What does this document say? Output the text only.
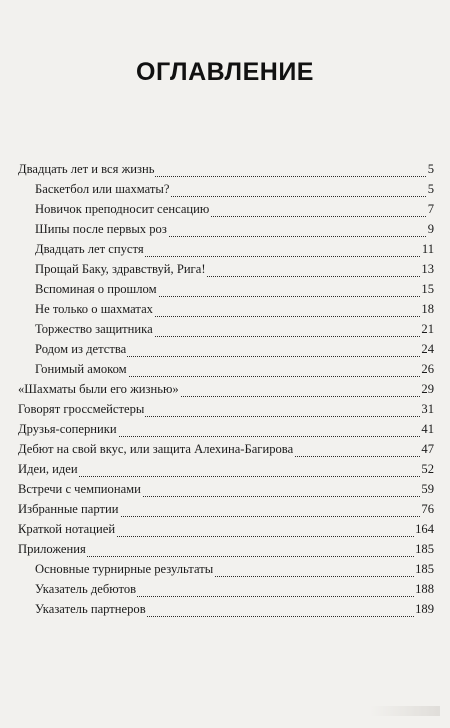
ОГЛАВЛЕНИЕ

Двадцать лет и вся жизнь	5
Баскетбол или шахматы?	5
Новичок преподносит сенсацию	7
Шипы после первых роз	9
Двадцать лет спустя	11
Прощай Баку, здравствуй, Рига!	13
Вспоминая о прошлом	15
Не только о шахматах	18
Торжество защитника	21
Родом из детства	24
Гонимый амоком	26
«Шахматы были его жизнью»	29
Говорят гроссмейстеры	31
Друзья-соперники	41
Дебют на свой вкус, или защита Алехина-Багирова	47
Идеи, идеи	52
Встречи с чемпионами	59
Избранные партии	76
Краткой нотацией	164
Приложения	185
Основные турнирные результаты	185
Указатель дебютов	188
Указатель партнеров	189
